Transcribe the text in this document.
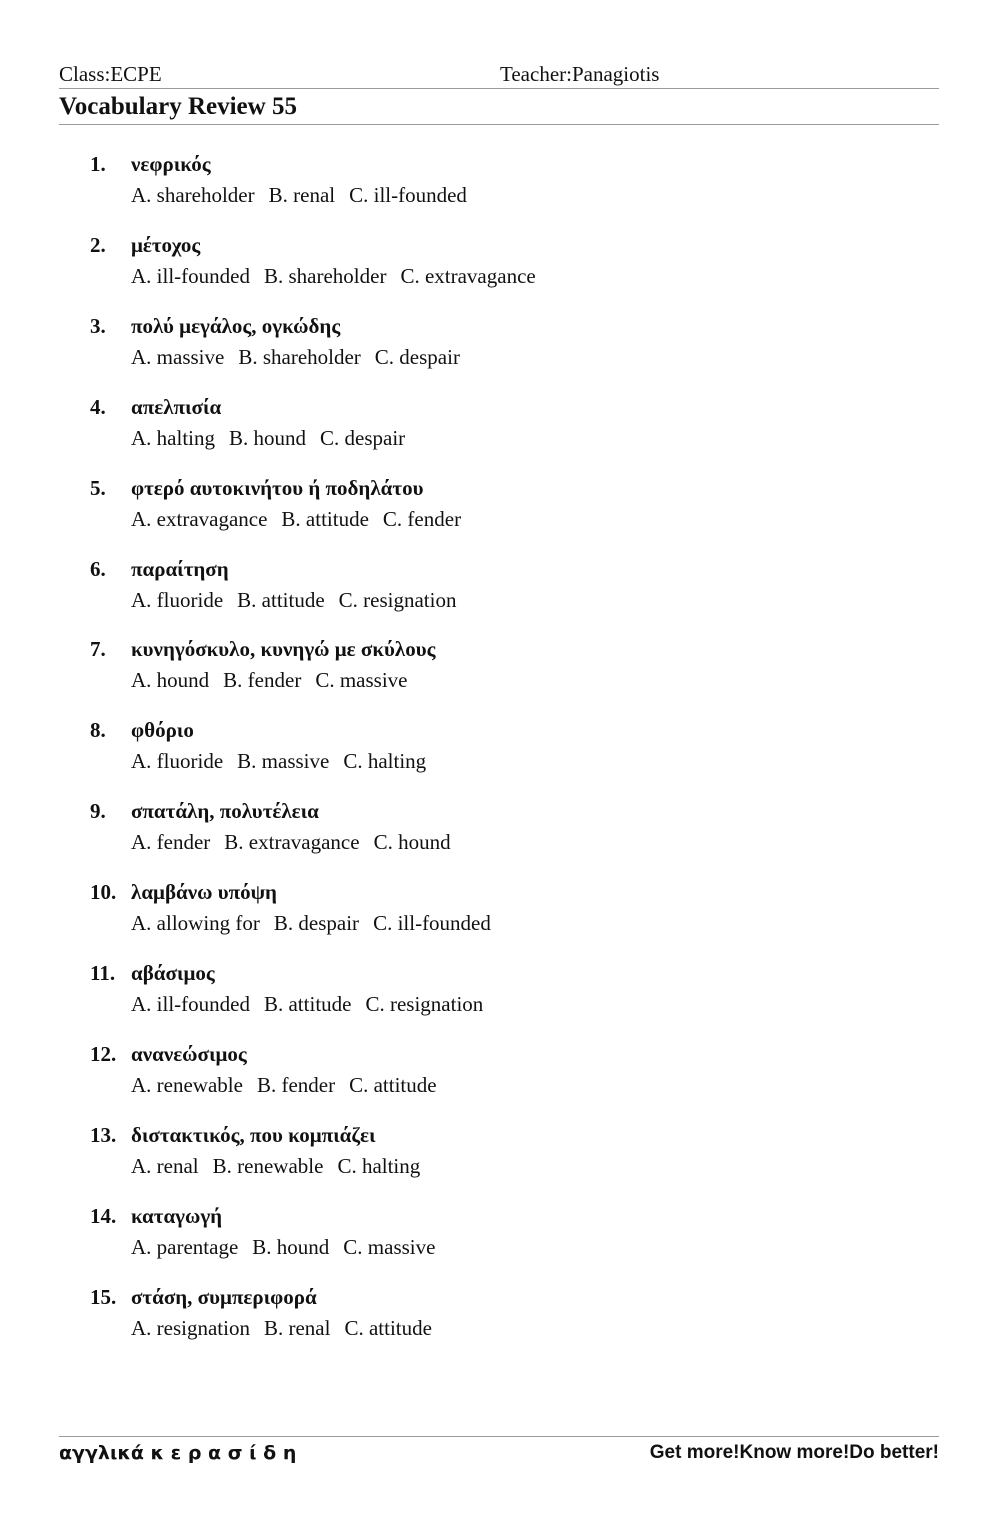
Class:ECPE	Teacher:Panagiotis
Vocabulary Review 55
1. νεφρικός
A. shareholder B. renal C. ill-founded
2. μέτοχος
A. ill-founded B. shareholder C. extravagance
3. πολύ μεγάλος, ογκώδης
A. massive B. shareholder C. despair
4. απελπισία
A. halting B. hound C. despair
5. φτερό αυτοκινήτου ή ποδηλάτου
A. extravagance B. attitude C. fender
6. παραίτηση
A. fluoride B. attitude C. resignation
7. κυνηγόσκυλο, κυνηγώ με σκύλους
A. hound B. fender C. massive
8. φθόριο
A. fluoride B. massive C. halting
9. σπατάλη, πολυτέλεια
A. fender B. extravagance C. hound
10. λαμβάνω υπόψη
A. allowing for B. despair C. ill-founded
11. αβάσιμος
A. ill-founded B. attitude C. resignation
12. ανανεώσιμος
A. renewable B. fender C. attitude
13. διστακτικός, που κομπιάζει
A. renal B. renewable C. halting
14. καταγωγή
A. parentage B. hound C. massive
15. στάση, συμπεριφορά
A. resignation B. renal C. attitude
αγγλικά κ ε ρ α σ ί δ η	Get more!Know more!Do better!
